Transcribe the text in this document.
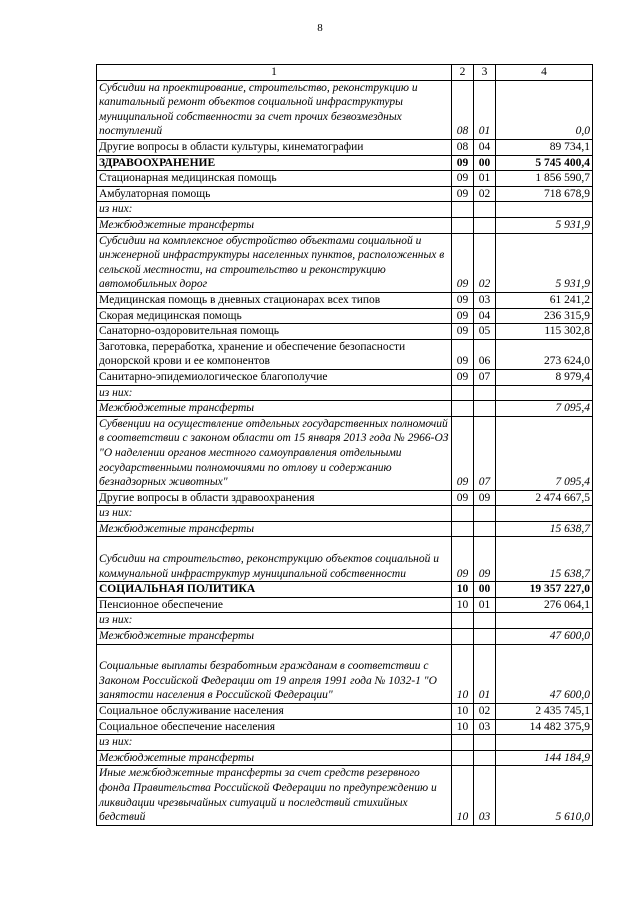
8
1	2	3	4
Субсидии на проектирование, строительство, реконструкцию и капитальный ремонт объектов социальной инфраструктуры муниципальной собственности за счет прочих безвозмездных поступлений	08	01	0,0
Другие вопросы в области культуры, кинематографии	08	04	89 734,1
ЗДРАВООХРАНЕНИЕ	09	00	5 745 400,4
Стационарная медицинская помощь	09	01	1 856 590,7
Амбулаторная помощь	09	02	718 678,9
из них:			
Межбюджетные трансферты			5 931,9
Субсидии на комплексное обустройство объектами социальной и инженерной инфраструктуры населенных пунктов, расположенных в сельской местности, на строительство и реконструкцию автомобильных дорог	09	02	5 931,9
Медицинская помощь в дневных стационарах всех типов	09	03	61 241,2
Скорая медицинская помощь	09	04	236 315,9
Санаторно-оздоровительная помощь	09	05	115 302,8
Заготовка, переработка, хранение и обеспечение безопасности донорской крови и ее компонентов	09	06	273 624,0
Санитарно-эпидемиологическое благополучие	09	07	8 979,4
из них:			
Межбюджетные трансферты			7 095,4
Субвенции на осуществление отдельных государственных полномочий в соответствии с законом области от 15 января 2013 года № 2966-ОЗ "О наделении органов местного самоуправления отдельными государственными полномочиями по отлову и содержанию безнадзорных животных"	09	07	7 095,4
Другие вопросы в области здравоохранения	09	09	2 474 667,5
из них:			
Межбюджетные трансферты			15 638,7
Субсидии на строительство, реконструкцию объектов социальной и коммунальной инфраструктур муниципальной собственности	09	09	15 638,7
СОЦИАЛЬНАЯ ПОЛИТИКА	10	00	19 357 227,0
Пенсионное обеспечение	10	01	276 064,1
из них:			
Межбюджетные трансферты			47 600,0
Социальные выплаты безработным гражданам в соответствии с Законом Российской Федерации от 19 апреля 1991 года № 1032-1 "О занятости населения в Российской Федерации"	10	01	47 600,0
Социальное обслуживание населения	10	02	2 435 745,1
Социальное обеспечение населения	10	03	14 482 375,9
из них:			
Межбюджетные трансферты			144 184,9
Иные межбюджетные трансферты за счет средств резервного фонда Правительства Российской Федерации по предупреждению и ликвидации чрезвычайных ситуаций и последствий стихийных бедствий	10	03	5 610,0
